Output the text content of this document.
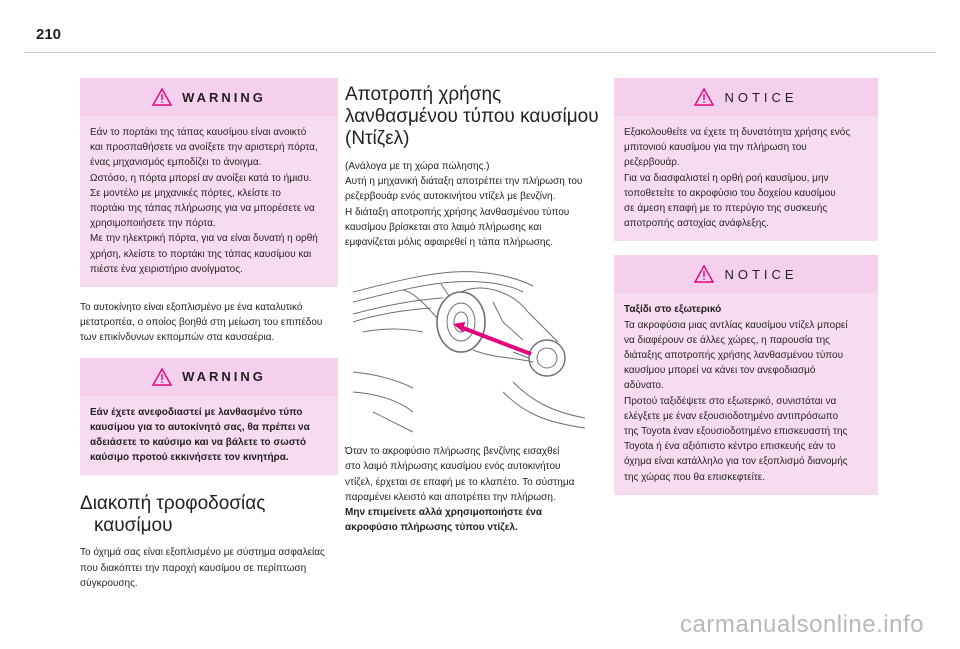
210
WARNING

Εάν το πορτάκι της τάπας καυσίμου είναι ανοικτό

και προσπαθήσετε να ανοίξετε την αριστερή πόρτα,

ένας μηχανισμός εμποδίζει το άνοιγμα.

Ωστόσο, η πόρτα μπορεί αν ανοίξει κατά το ήμισυ.

Σε μοντέλο με μηχανικές πόρτες, κλείστε το

πορτάκι της τάπας πλήρωσης για να μπορέσετε να

χρησιμοποιήσετε την πόρτα.

Με την ηλεκτρική πόρτα, για να είναι δυνατή η ορθή

χρήση, κλείστε το πορτάκι της τάπας καυσίμου και

πιέστε ένα χειριστήριο ανοίγματος.

Το αυτοκίνητο είναι εξοπλισμένο με ένα καταλυτικό

μετατροπέα, ο οποίος βοηθά στη μείωση του επιπέδου

των επικίνδυνων εκπομπών στα καυσαέρια.

WARNING

Εάν έχετε ανεφοδιαστεί με λανθασμένο τύπο

καυσίμου για το αυτοκίνητό σας, θα πρέπει να

αδειάσετε το καύσιμο και να βάλετε το σωστό

καύσιμο προτού εκκινήσετε τον κινητήρα.

Διακοπή τροφοδοσίας
καυσίμου

Το όχημά σας είναι εξοπλισμένο με σύστημα ασφαλείας

που διακόπτει την παροχή καυσίμου σε περίπτωση

σύγκρουσης.

Αποτροπή χρήσης
λανθασμένου τύπου καυσίμου
(Ντίζελ)

(Ανάλογα με τη χώρα πώλησης.)

Αυτή η μηχανική διάταξη αποτρέπει την πλήρωση του

ρεζερβουάρ ενός αυτοκινήτου ντίζελ με βενζίνη.

Η διάταξη αποτροπής χρήσης λανθασμένου τύπου

καυσίμου βρίσκεται στο λαιμό πλήρωσης και

εμφανίζεται μόλις αφαιρεθεί η τάπα πλήρωσης.

Όταν το ακροφύσιο πλήρωσης βενζίνης εισαχθεί

στο λαιμό πλήρωσης καυσίμου ενός αυτοκινήτου

ντίζελ, έρχεται σε επαφή με το κλαπέτο. Το σύστημα

παραμένει κλειστό και αποτρέπει την πλήρωση.

Μην επιμείνετε αλλά χρησιμοποιήστε ένα

ακροφύσιο πλήρωσης τύπου ντίζελ.

NOTICE

Εξακολουθείτε να έχετε τη δυνατότητα χρήσης ενός

μπιτονιού καυσίμου για την πλήρωση του

ρεζερβουάρ.

Για να διασφαλιστεί η ορθή ροή καυσίμου, μην

τοποθετείτε το ακροφύσιο του δοχείου καυσίμου

σε άμεση επαφή με το πτερύγιο της συσκευής

αποτροπής αστοχίας ανάφλεξης.

NOTICE

Ταξίδι στο εξωτερικό

Τα ακροφύσια μιας αντλίας καυσίμου ντίζελ μπορεί

να διαφέρουν σε άλλες χώρες, η παρουσία της

διάταξης αποτροπής χρήσης λανθασμένου τύπου

καυσίμου μπορεί να κάνει τον ανεφοδιασμό

αδύνατο.

Προτού ταξιδέψετε στο εξωτερικό, συνιστάται να

ελέγξετε με έναν εξουσιοδοτημένο αντιπρόσωπο

της Toyota έναν εξουσιοδοτημένο επισκευαστή της

Toyota ή ένα αξιόπιστο κέντρο επισκευής εάν το

όχημα είναι κατάλληλο για τον εξοπλισμό διανομής

της χώρας που θα επισκεφτείτε.

carmanualsonline.info
